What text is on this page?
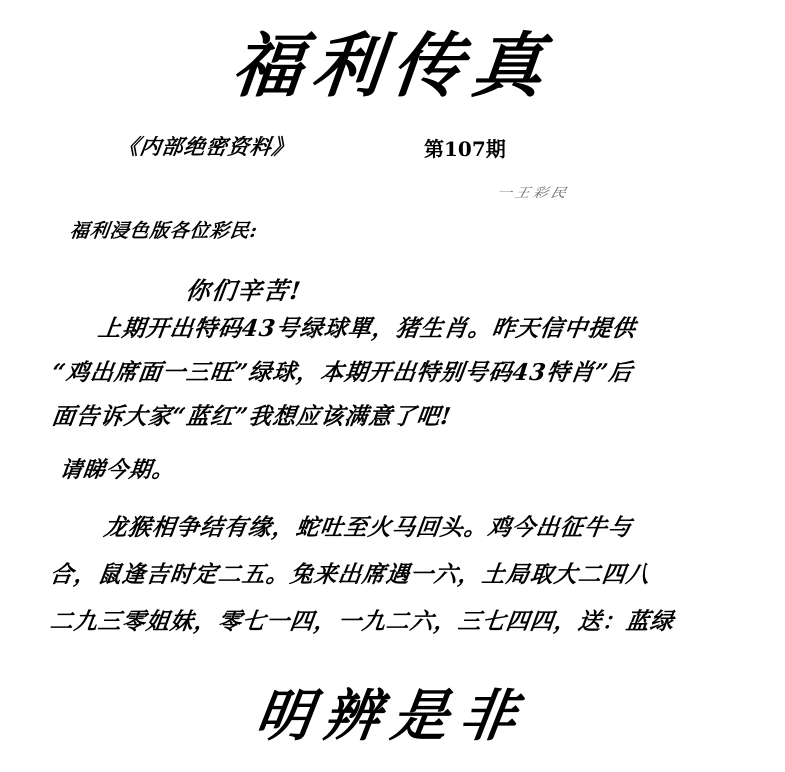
福利传真
《内部绝密资料》	第107期
一王彩民
福利浸色版各位彩民:
你们辛苦!
上期开出特码43号绿球單，猪生肖。昨天信中提供
“鸡出席面一三旺”绿球，本期开出特别号码43特肖”后
面告诉大家“蓝红”我想应该满意了吧!
请睇今期。
龙猴相争结有缘，蛇吐至火马回头。鸡今出征牛与
合，鼠逢吉时定二五。兔来出席遇一六，土局取大二四八
二九三零姐妹，零七一四，一九二六，三七四四，送：蓝绿
明辨是非
